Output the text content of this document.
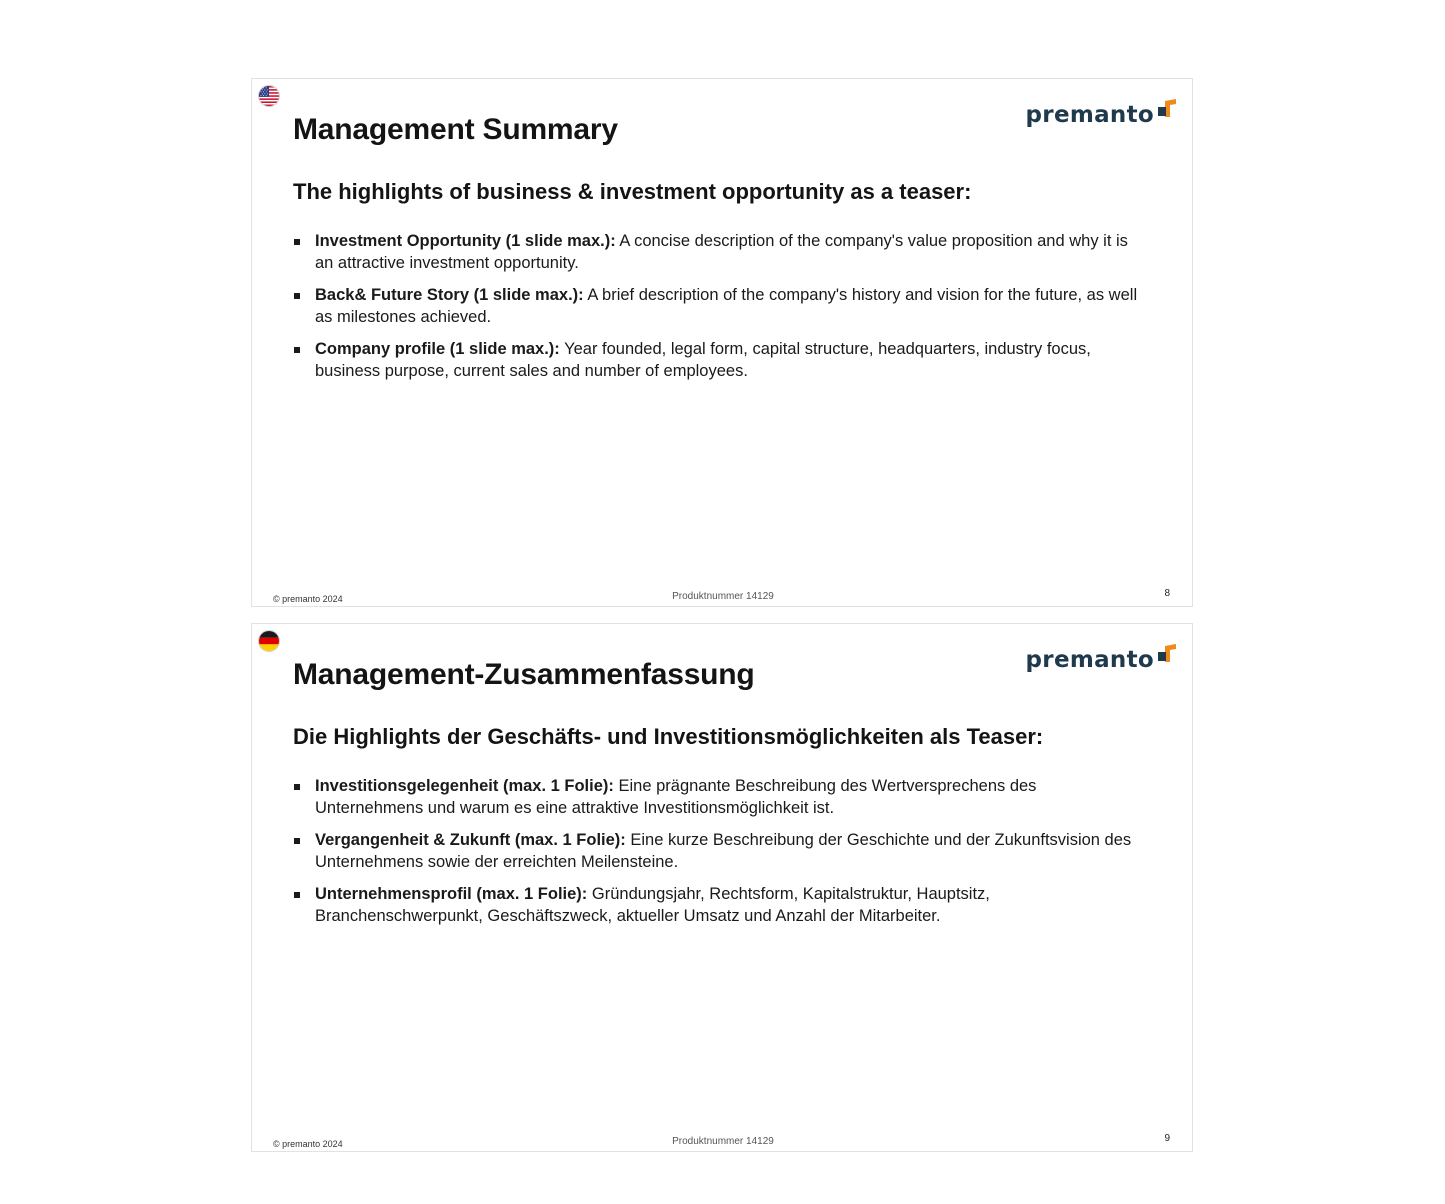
premanto
Management Summary
The highlights of business & investment opportunity as a teaser:
Investment Opportunity (1 slide max.): A concise description of the company's value proposition and why it is an attractive investment opportunity.
Back& Future Story (1 slide max.): A brief description of the company's history and vision for the future, as well as milestones achieved.
Company profile (1 slide max.): Year founded, legal form, capital structure, headquarters, industry focus, business purpose, current sales and number of employees.
© premanto 2024	Produktnummer 14129	8
premanto
Management-Zusammenfassung
Die Highlights der Geschäfts- und Investitionsmöglichkeiten als Teaser:
Investitionsgelegenheit (max. 1 Folie): Eine prägnante Beschreibung des Wertversprechens des Unternehmens und warum es eine attraktive Investitionsmöglichkeit ist.
Vergangenheit & Zukunft (max. 1 Folie): Eine kurze Beschreibung der Geschichte und der Zukunftsvision des Unternehmens sowie der erreichten Meilensteine.
Unternehmensprofil (max. 1 Folie): Gründungsjahr, Rechtsform, Kapitalstruktur, Hauptsitz, Branchenschwerpunkt, Geschäftszweck, aktueller Umsatz und Anzahl der Mitarbeiter.
© premanto 2024	Produktnummer 14129	9
